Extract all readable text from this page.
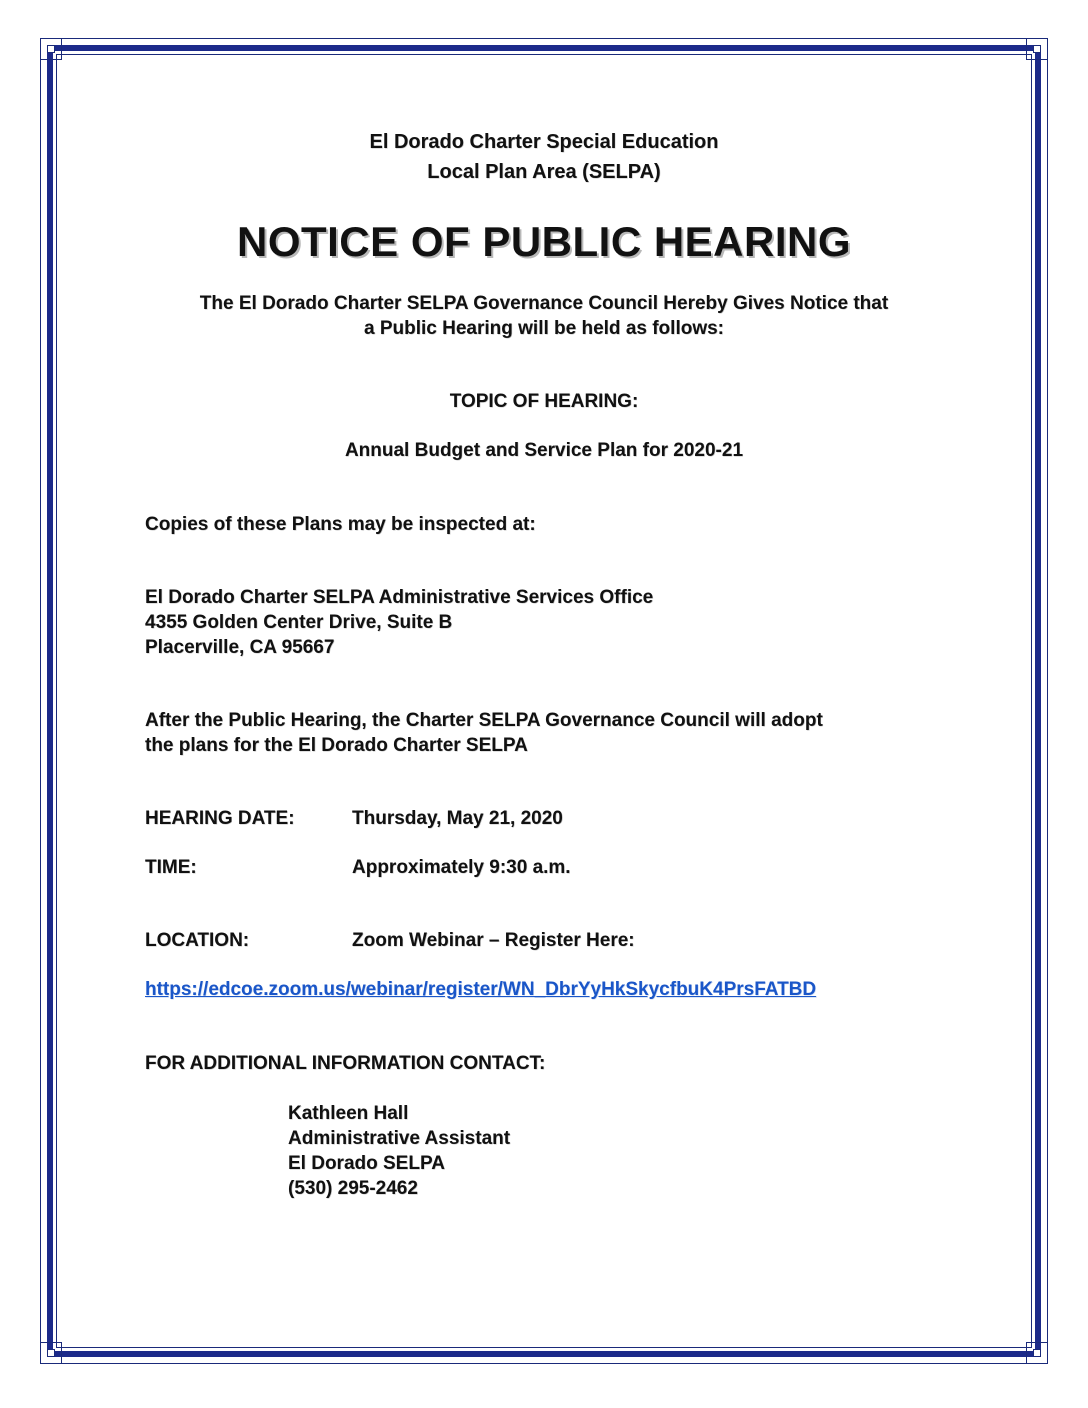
El Dorado Charter Special Education
Local Plan Area (SELPA)
NOTICE OF PUBLIC HEARING
The El Dorado Charter SELPA Governance Council Hereby Gives Notice that
a Public Hearing will be held as follows:
TOPIC OF HEARING:
Annual Budget and Service Plan for 2020-21
Copies of these Plans may be inspected at:
El Dorado Charter SELPA Administrative Services Office
4355 Golden Center Drive, Suite B
Placerville, CA 95667
After the Public Hearing, the Charter SELPA Governance Council will adopt
the plans for the El Dorado Charter SELPA
HEARING DATE:	Thursday, May 21, 2020
TIME:	Approximately 9:30 a.m.
LOCATION:	Zoom Webinar – Register Here:
https://edcoe.zoom.us/webinar/register/WN_DbrYyHkSkycfbuK4PrsFATBD
FOR ADDITIONAL INFORMATION CONTACT:
Kathleen Hall
Administrative Assistant
El Dorado SELPA
(530) 295-2462
